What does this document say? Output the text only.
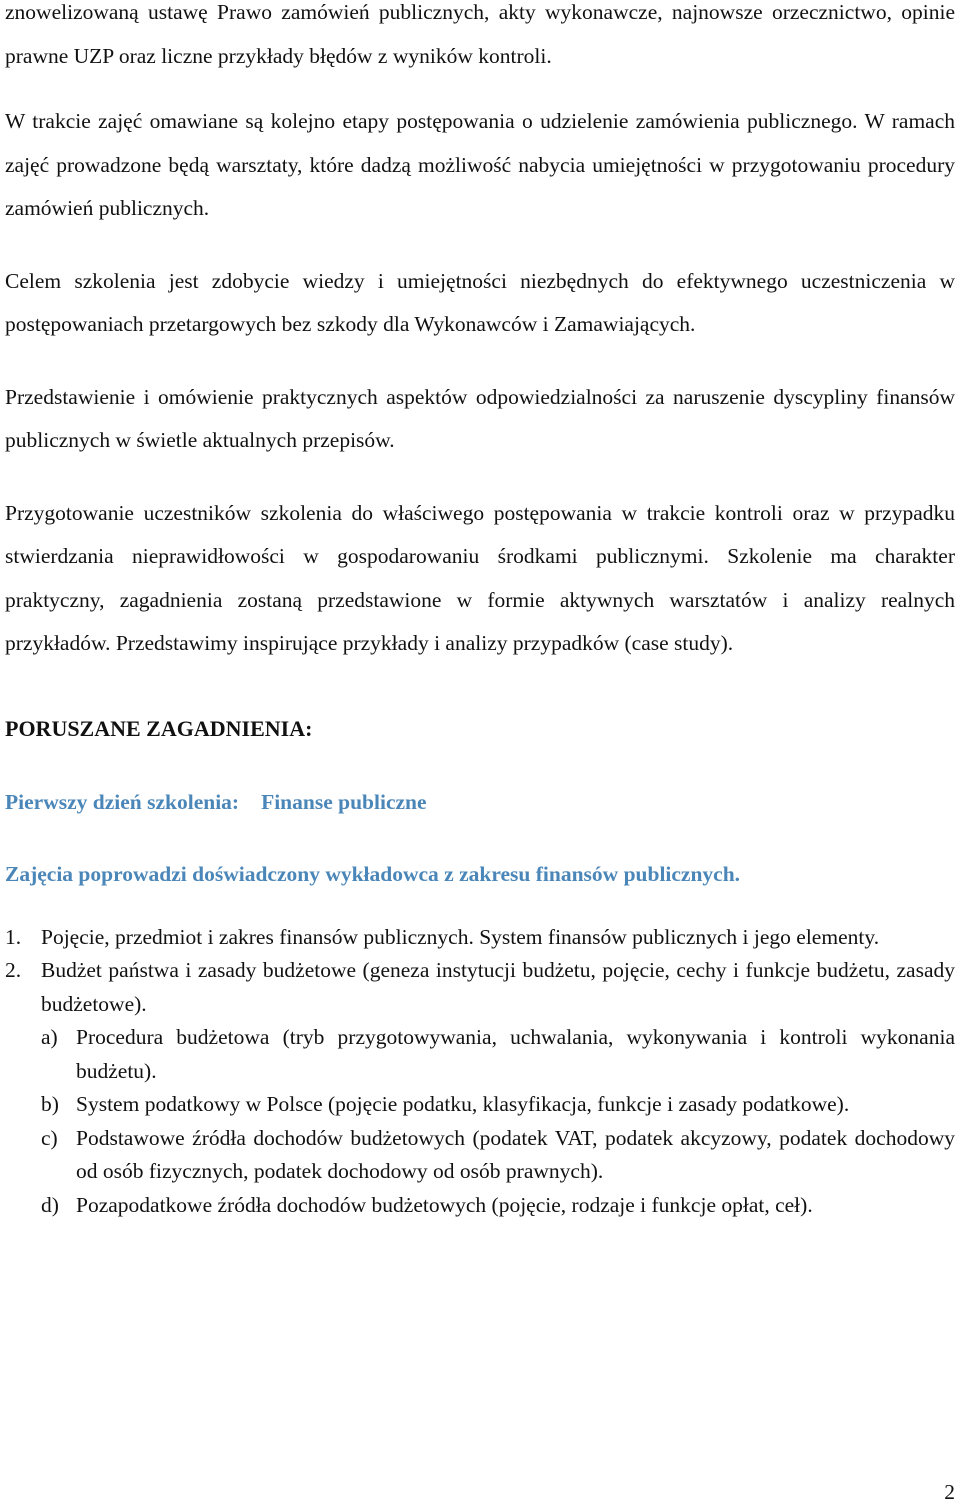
znowelizowaną ustawę Prawo zamówień publicznych, akty wykonawcze, najnowsze orzecznictwo, opinie prawne UZP oraz liczne przykłady błędów z wyników kontroli.

W trakcie zajęć omawiane są kolejno etapy postępowania o udzielenie zamówienia publicznego. W ramach zajęć prowadzone będą warsztaty, które dadzą możliwość nabycia umiejętności w przygotowaniu procedury zamówień publicznych.

Celem szkolenia jest zdobycie wiedzy i umiejętności niezbędnych do efektywnego uczestniczenia w postępowaniach przetargowych bez szkody dla Wykonawców i Zamawiających.

Przedstawienie i omówienie praktycznych aspektów odpowiedzialności za naruszenie dyscypliny finansów publicznych w świetle aktualnych przepisów.

Przygotowanie uczestników szkolenia do właściwego postępowania w trakcie kontroli oraz w przypadku stwierdzania nieprawidłowości w gospodarowaniu środkami publicznymi. Szkolenie ma charakter praktyczny, zagadnienia zostaną przedstawione w formie aktywnych warsztatów i analizy realnych przykładów. Przedstawimy inspirujące przykłady i analizy przypadków (case study).

PORUSZANE ZAGADNIENIA:

Pierwszy dzień szkolenia: Finanse publiczne

Zajęcia poprowadzi doświadczony wykładowca z zakresu finansów publicznych.

1. Pojęcie, przedmiot i zakres finansów publicznych. System finansów publicznych i jego elementy.
2. Budżet państwa i zasady budżetowe (geneza instytucji budżetu, pojęcie, cechy i funkcje budżetu, zasady budżetowe).
a) Procedura budżetowa (tryb przygotowywania, uchwalania, wykonywania i kontroli wykonania budżetu).
b) System podatkowy w Polsce (pojęcie podatku, klasyfikacja, funkcje i zasady podatkowe).
c) Podstawowe źródła dochodów budżetowych (podatek VAT, podatek akcyzowy, podatek dochodowy od osób fizycznych, podatek dochodowy od osób prawnych).
d) Pozapodatkowe źródła dochodów budżetowych (pojęcie, rodzaje i funkcje opłat, ceł).
2
